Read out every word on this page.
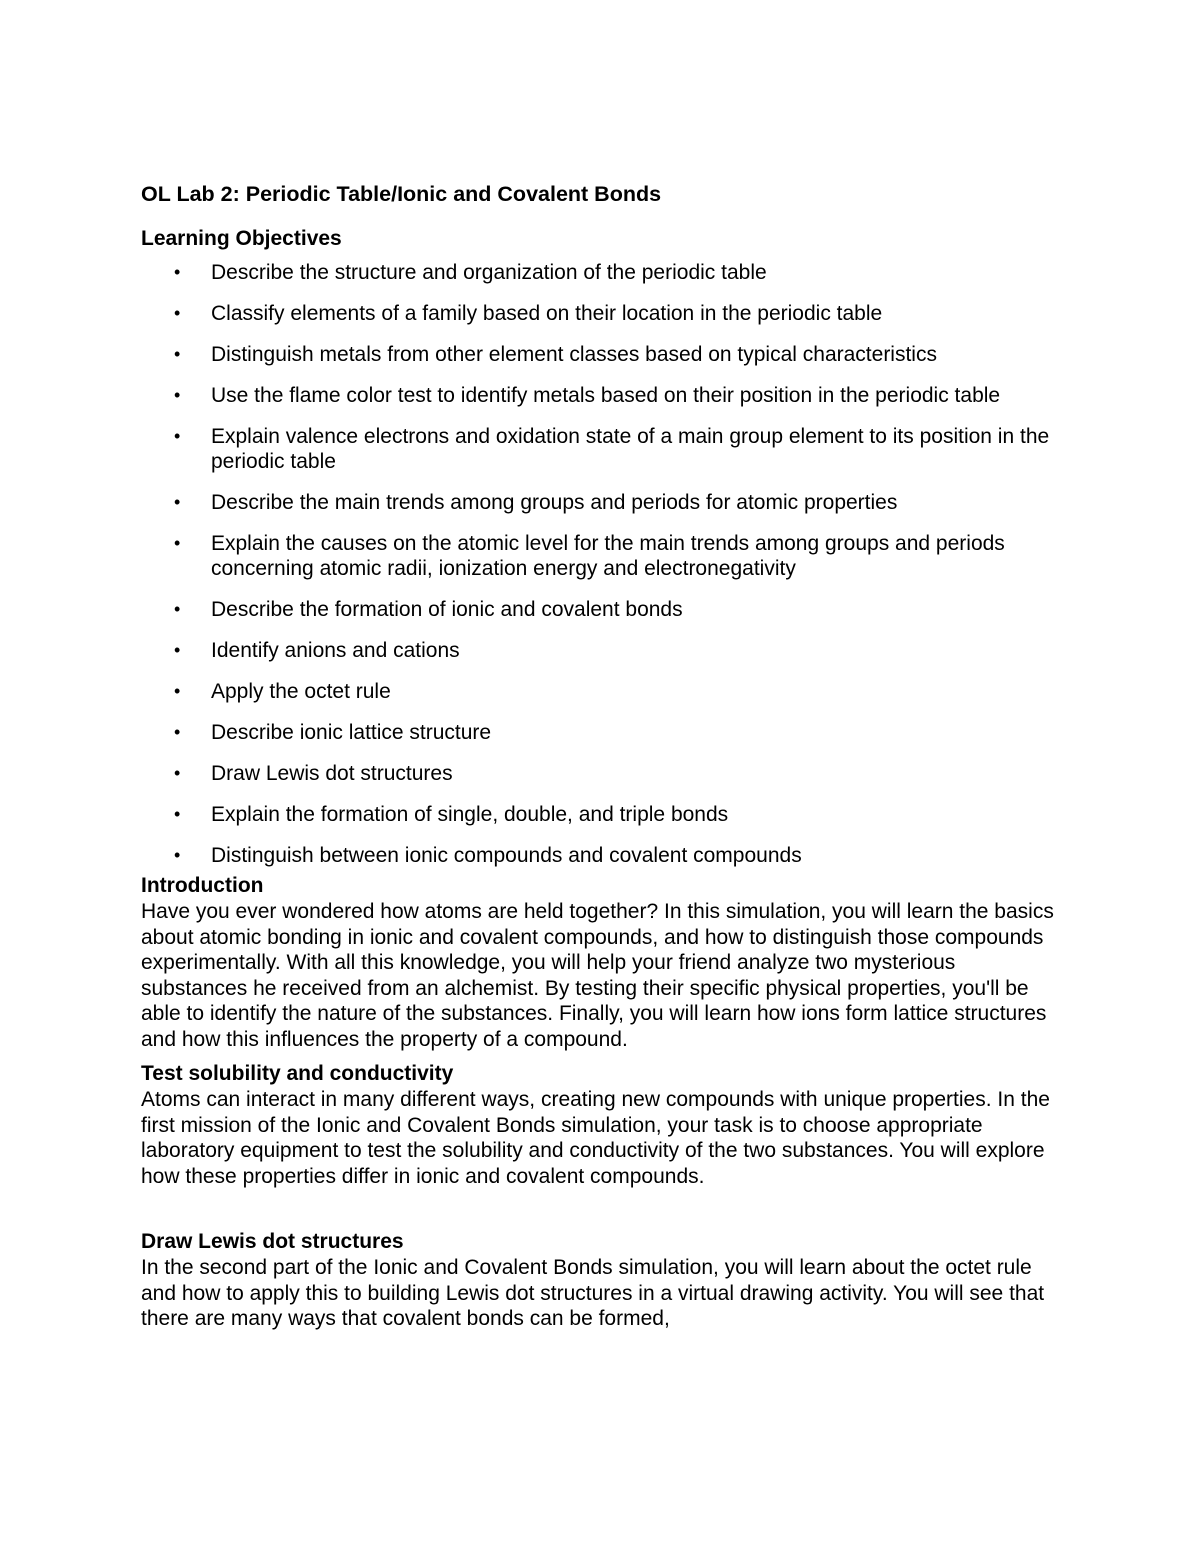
OL Lab 2: Periodic Table/Ionic and Covalent Bonds
Learning Objectives
• Describe the structure and organization of the periodic table
• Classify elements of a family based on their location in the periodic table
• Distinguish metals from other element classes based on typical characteristics
• Use the flame color test to identify metals based on their position in the periodic table
• Explain valence electrons and oxidation state of a main group element to its position in the periodic table
• Describe the main trends among groups and periods for atomic properties
• Explain the causes on the atomic level for the main trends among groups and periods concerning atomic radii, ionization energy and electronegativity
• Describe the formation of ionic and covalent bonds
• Identify anions and cations
• Apply the octet rule
• Describe ionic lattice structure
• Draw Lewis dot structures
• Explain the formation of single, double, and triple bonds
• Distinguish between ionic compounds and covalent compounds
Introduction

Have you ever wondered how atoms are held together? In this simulation, you will learn the basics about atomic bonding in ionic and covalent compounds, and how to distinguish those compounds experimentally. With all this knowledge, you will help your friend analyze two mysterious substances he received from an alchemist. By testing their specific physical properties, you'll be able to identify the nature of the substances. Finally, you will learn how ions form lattice structures and how this influences the property of a compound.

Test solubility and conductivity

Atoms can interact in many different ways, creating new compounds with unique properties. In the first mission of the Ionic and Covalent Bonds simulation, your task is to choose appropriate laboratory equipment to test the solubility and conductivity of the two substances. You will explore how these properties differ in ionic and covalent compounds.

Draw Lewis dot structures

In the second part of the Ionic and Covalent Bonds simulation, you will learn about the octet rule and how to apply this to building Lewis dot structures in a virtual drawing activity. You will see that there are many ways that covalent bonds can be formed,
